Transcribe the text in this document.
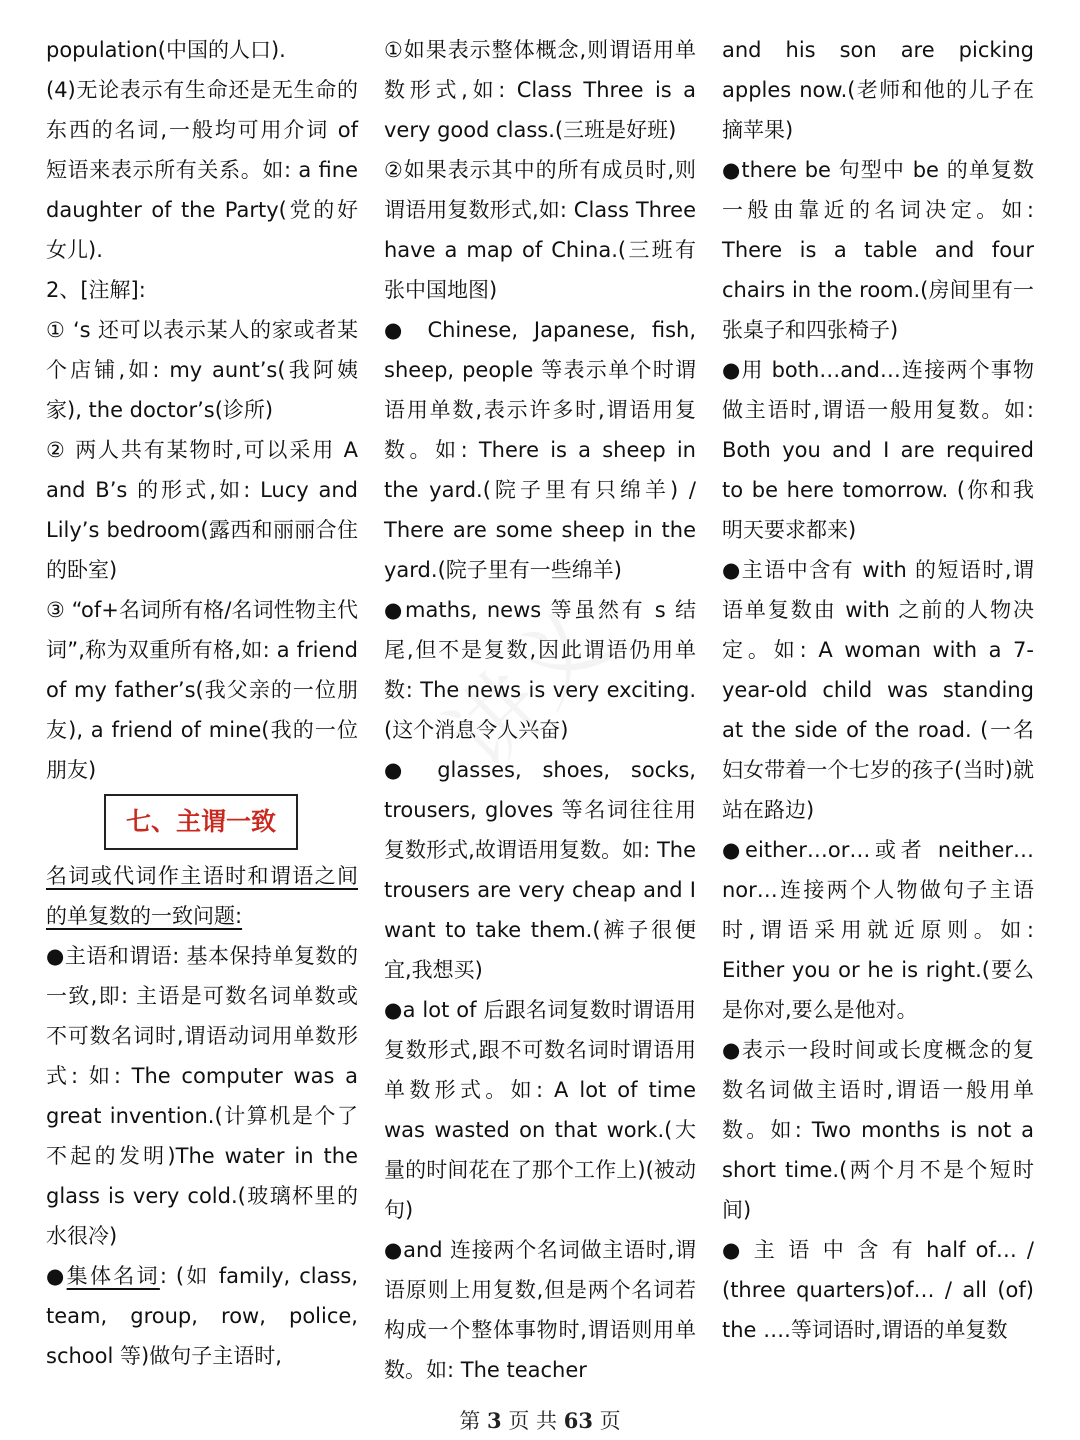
population(中国的人口).

(4)无论表示有生命还是无生命的东西的名词,一般均可用介词 of 短语来表示所有关系。如: a fine daughter of the Party(党的好女儿).

2、[注解]:

① ‘s 还可以表示某人的家或者某个店铺,如: my aunt’s(我阿姨家), the doctor’s(诊所)

② 两人共有某物时,可以采用 A and B’s 的形式,如: Lucy and Lily’s bedroom(露西和丽丽合住的卧室)

③ “of+名词所有格/名词性物主代词”,称为双重所有格,如: a friend of my father’s(我父亲的一位朋友), a friend of mine(我的一位朋友)

七、主谓一致

名词或代词作主语时和谓语之间的单复数的一致问题:

●主语和谓语: 基本保持单复数的一致,即: 主语是可数名词单数或不可数名词时,谓语动词用单数形式: 如: The computer was a great invention.(计算机是个了不起的发明)The water in the glass is very cold.(玻璃杯里的水很冷)

●集体名词: (如 family, class, team, group, row, police, school 等)做句子主语时,

①如果表示整体概念,则谓语用单数形式,如: Class Three is a very good class.(三班是好班)

②如果表示其中的所有成员时,则谓语用复数形式,如: Class Three have a map of China.(三班有张中国地图)

● Chinese, Japanese, fish, sheep, people 等表示单个时谓语用单数,表示许多时,谓语用复数。如: There is a sheep in the yard.(院子里有只绵羊) / There are some sheep in the yard.(院子里有一些绵羊)

●maths, news 等虽然有 s 结尾,但不是复数,因此谓语仍用单数: The news is very exciting.(这个消息令人兴奋)

● glasses, shoes, socks, trousers, gloves 等名词往往用复数形式,故谓语用复数。如: The trousers are very cheap and I want to take them.(裤子很便宜,我想买)

●a lot of 后跟名词复数时谓语用复数形式,跟不可数名词时谓语用单数形式。如: A lot of time was wasted on that work.(大量的时间花在了那个工作上)(被动句)

●and 连接两个名词做主语时,谓语原则上用复数,但是两个名词若构成一个整体事物时,谓语则用单数。如: The teacher

and his son are picking apples now.(老师和他的儿子在摘苹果)

●there be 句型中 be 的单复数一般由靠近的名词决定。如: There is a table and four chairs in the room.(房间里有一张桌子和四张椅子)

●用 both…and…连接两个事物做主语时,谓语一般用复数。如: Both you and I are required to be here tomorrow. (你和我明天要求都来)

●主语中含有 with 的短语时,谓语单复数由 with 之前的人物决定。如: A woman with a 7-year-old child was standing at the side of the road. (一名妇女带着一个七岁的孩子(当时)就站在路边)

●either…or…或者 neither…nor…连接两个人物做句子主语时,谓语采用就近原则。如: Either you or he is right.(要么是你对,要么是他对。

●表示一段时间或长度概念的复数名词做主语时,谓语一般用单数。如: Two months is not a short time.(两个月不是个短时间)

● 主 语 中 含 有 half of… / (three quarters)of… / all (of) the ….等词语时,谓语的单复数

第 3 页 共 63 页
